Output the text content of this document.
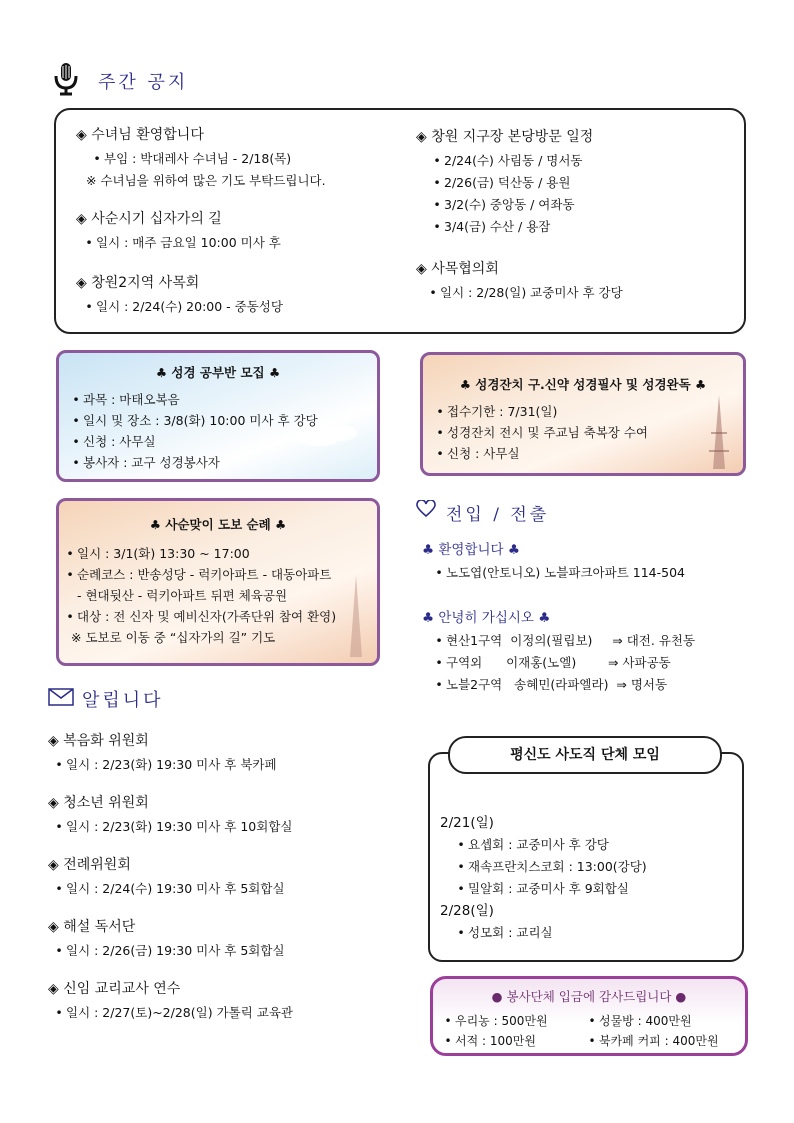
주간 공지
◈ 수녀님 환영합니다
• 부임 : 박대레사 수녀님 - 2/18(목)
※ 수녀님을 위하여 많은 기도 부탁드립니다.
◈ 사순시기 십자가의 길
• 일시 : 매주 금요일 10:00 미사 후
◈ 창원2지역 사목회
• 일시 : 2/24(수) 20:00 - 중동성당
◈ 창원 지구장 본당방문 일정
• 2/24(수) 사림동 / 명서동
• 2/26(금) 덕산동 / 용원
• 3/2(수) 중앙동 / 여좌동
• 3/4(금) 수산 / 용잠
◈ 사목협의회
• 일시 : 2/28(일) 교중미사 후 강당
♣ 성경 공부반 모집 ♣
• 과목 : 마태오복음
• 일시 및 장소 : 3/8(화) 10:00 미사 후 강당
• 신청 : 사무실
• 봉사자 : 교구 성경봉사자
♣ 성경잔치 구.신약 성경필사 및 성경완독 ♣
• 접수기한 : 7/31(일)
• 성경잔치 전시 및 주교님 축복장 수여
• 신청 : 사무실
♣ 사순맞이 도보 순례 ♣
• 일시 : 3/1(화) 13:30 ~ 17:00
• 순례코스 : 반송성당 - 럭키아파트 - 대동아파트
- 현대뒷산 - 럭키아파트 뒤편 체육공원
• 대상 : 전 신자 및 예비신자(가족단위 참여 환영)
※ 도보로 이동 중 “십자가의 길” 기도
전입 / 전출
♣ 환영합니다 ♣
• 노도엽(안토니오) 노블파크아파트 114-504
♣ 안녕히 가십시오 ♣
• 현산1구역  이정의(필립보)     ⇒ 대전. 유천동
• 구역외      이재홍(노엘)        ⇒ 사파공동
• 노블2구역   송혜민(라파엘라)  ⇒ 명서동
알립니다
◈ 복음화 위원회
• 일시 : 2/23(화) 19:30 미사 후 북카페
◈ 청소년 위원회
• 일시 : 2/23(화) 19:30 미사 후 10회합실
◈ 전례위원회
• 일시 : 2/24(수) 19:30 미사 후 5회합실
◈ 해설 독서단
• 일시 : 2/26(금) 19:30 미사 후 5회합실
◈ 신임 교리교사 연수
• 일시 : 2/27(토)~2/28(일) 가톨릭 교육관
평신도 사도직 단체 모임
2/21(일)
• 요셉회 : 교중미사 후 강당
• 재속프란치스코회 : 13:00(강당)
• 밀알회 : 교중미사 후 9회합실
2/28(일)
• 성모회 : 교리실
● 봉사단체 입금에 감사드립니다 ●
• 우리농 : 500만원
• 서적 : 100만원
• 성물방 : 400만원
• 북카페 커피 : 400만원
